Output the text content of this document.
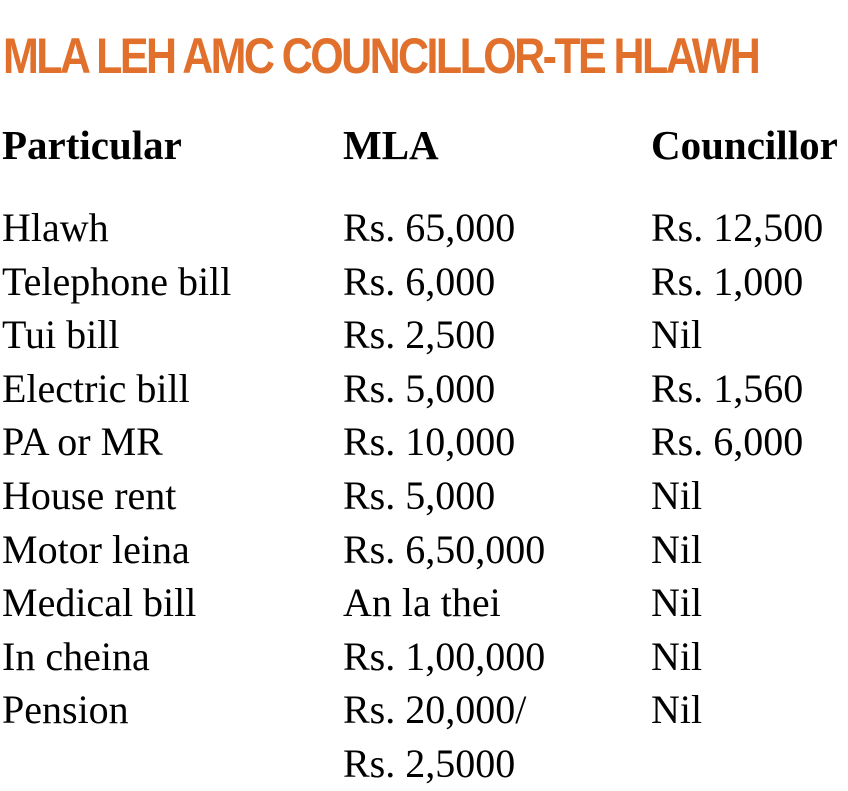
MLA LEH AMC COUNCILLOR-TE HLAWH
Particular	MLA	Councillor
Hlawh	Rs. 65,000	Rs. 12,500
Telephone bill	Rs. 6,000	Rs. 1,000
Tui bill	Rs. 2,500	Nil
Electric bill	Rs. 5,000	Rs. 1,560
PA or MR	Rs. 10,000	Rs. 6,000
House rent	Rs. 5,000	Nil
Motor leina	Rs. 6,50,000	Nil
Medical bill	An la thei	Nil
In cheina	Rs. 1,00,000	Nil
Pension	Rs. 20,000/	Nil
Rs. 2,5000
